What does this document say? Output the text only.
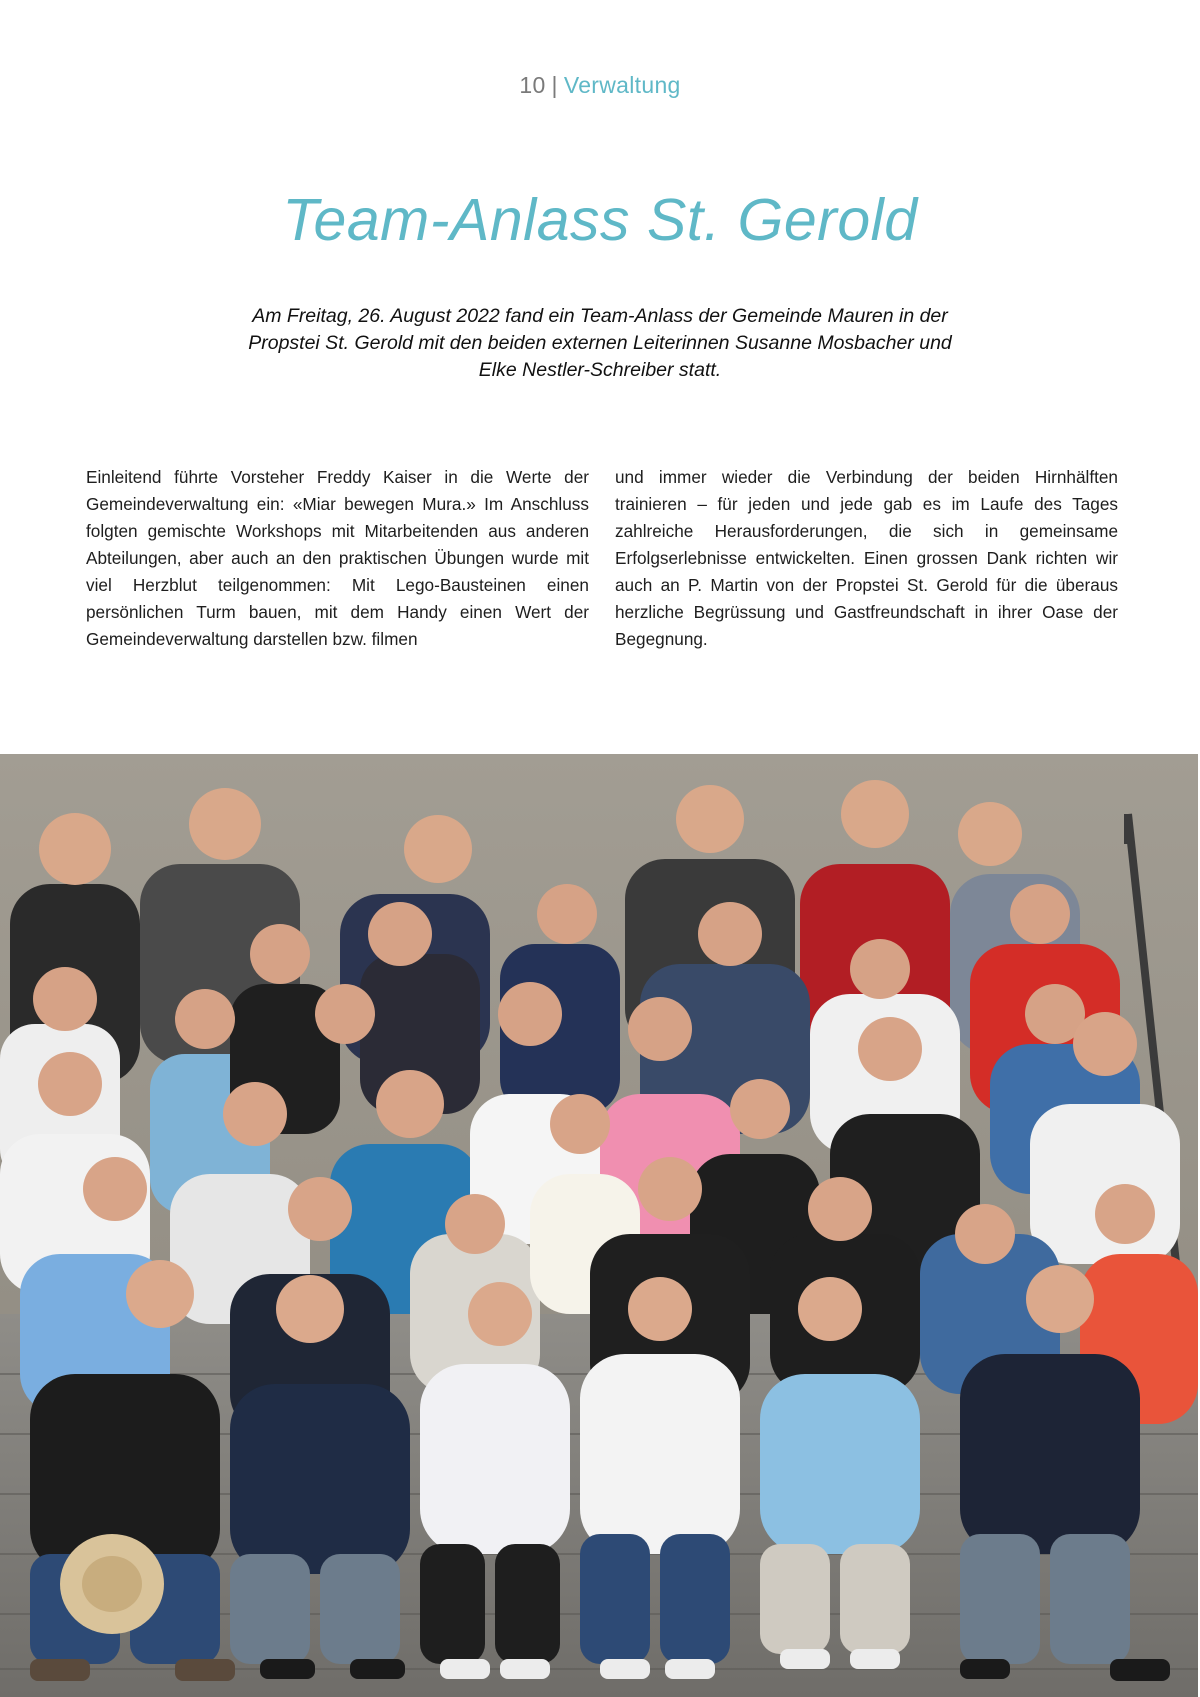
10 | Verwaltung
Team-Anlass St. Gerold

Am Freitag, 26. August 2022 fand ein Team-Anlass der Gemeinde Mauren in der Propstei St. Gerold mit den beiden externen Leiterinnen Susanne Mosbacher und Elke Nestler-Schreiber statt.

Einleitend führte Vorsteher Freddy Kaiser in die Werte der Gemeindeverwaltung ein: «Miar bewegen Mura.» Im Anschluss folgten gemischte Workshops mit Mitarbeitenden aus anderen Abteilungen, aber auch an den praktischen Übungen wurde mit viel Herzblut teilgenommen: Mit Lego-Bausteinen einen persönlichen Turm bauen, mit dem Handy einen Wert der Gemeindeverwaltung darstellen bzw. filmen

und immer wieder die Verbindung der beiden Hirnhälften trainieren – für jeden und jede gab es im Laufe des Tages zahlreiche Herausforderungen, die sich in gemeinsame Erfolgserlebnisse entwickelten. Einen grossen Dank richten wir auch an P. Martin von der Propstei St. Gerold für die überaus herzliche Begrüssung und Gastfreundschaft in ihrer Oase der Begegnung.
